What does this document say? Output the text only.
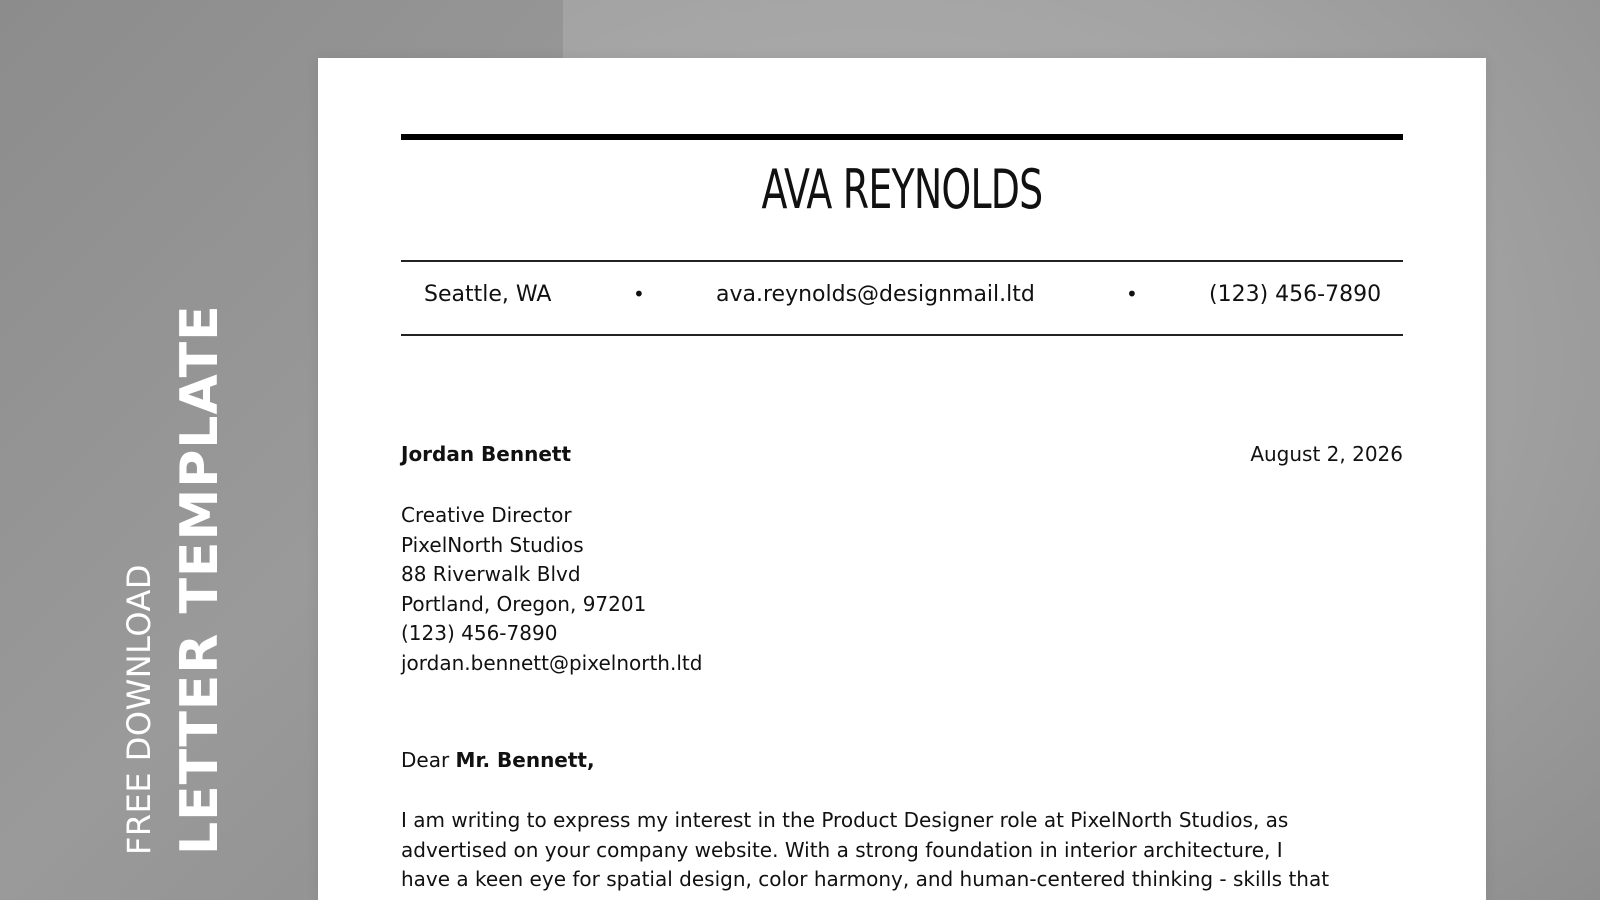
FREE DOWNLOAD LETTER TEMPLATE
AVA REYNOLDS
Seattle, WA	•	ava.reynolds@designmail.ltd	•	(123) 456-7890
Jordan Bennett	August 2, 2026
Creative Director
PixelNorth Studios
88 Riverwalk Blvd
Portland, Oregon, 97201
(123) 456-7890
jordan.bennett@pixelnorth.ltd
Dear Mr. Bennett,
I am writing to express my interest in the Product Designer role at PixelNorth Studios, as
advertised on your company website. With a strong foundation in interior architecture, I
have a keen eye for spatial design, color harmony, and human-centered thinking - skills that
